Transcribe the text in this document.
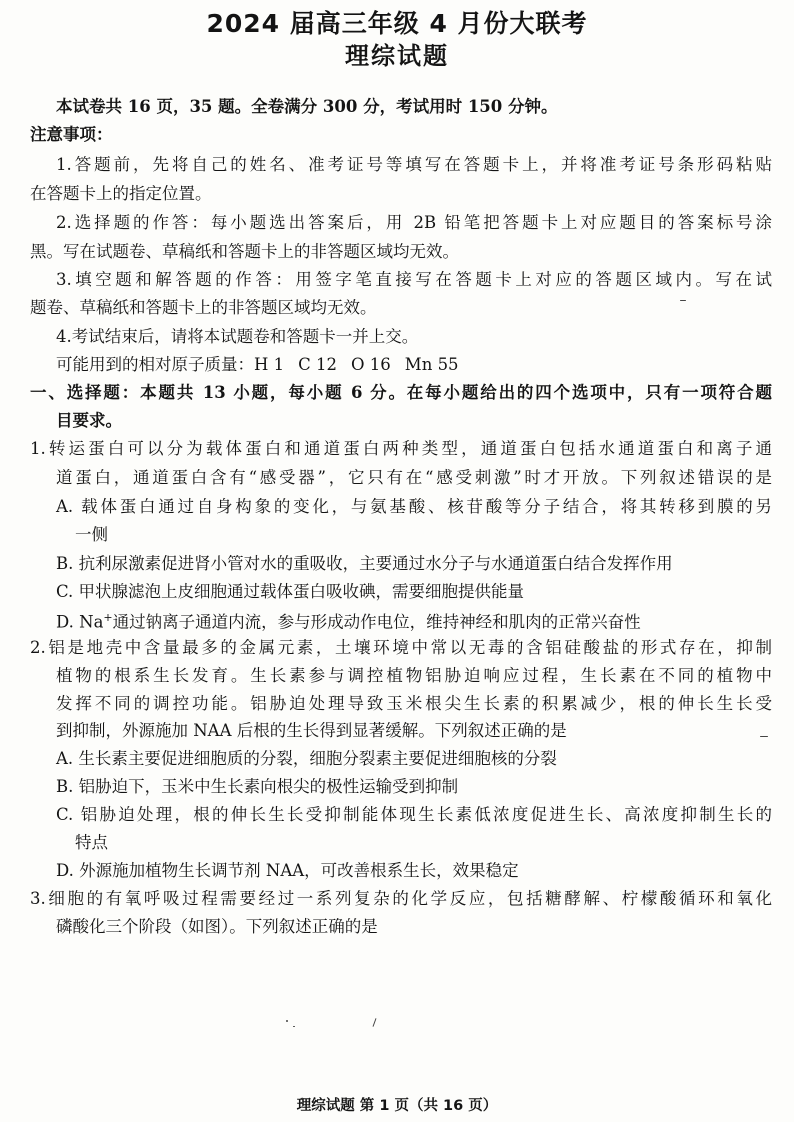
2024 届高三年级 4 月份大联考
理综试题
本试卷共 16 页，35 题。全卷满分 300 分，考试用时 150 分钟。
注意事项：
1.答题前，先将自己的姓名、准考证号等填写在答题卡上，并将准考证号条形码粘贴
在答题卡上的指定位置。
2.选择题的作答：每小题选出答案后，用 2B 铅笔把答题卡上对应题目的答案标号涂
黑。写在试题卷、草稿纸和答题卡上的非答题区域均无效。
3.填空题和解答题的作答：用签字笔直接写在答题卡上对应的答题区域内。写在试
题卷、草稿纸和答题卡上的非答题区域均无效。
4.考试结束后，请将本试题卷和答题卡一并上交。
可能用到的相对原子质量：H 1 C 12 O 16 Mn 55
一、选择题：本题共 13 小题，每小题 6 分。在每小题给出的四个选项中，只有一项符合题
目要求。
1.转运蛋白可以分为载体蛋白和通道蛋白两种类型，通道蛋白包括水通道蛋白和离子通
道蛋白，通道蛋白含有“感受器”，它只有在“感受刺激”时才开放。下列叙述错误的是
A. 载体蛋白通过自身构象的变化，与氨基酸、核苷酸等分子结合，将其转移到膜的另
一侧
B. 抗利尿激素促进肾小管对水的重吸收，主要通过水分子与水通道蛋白结合发挥作用
C. 甲状腺滤泡上皮细胞通过载体蛋白吸收碘，需要细胞提供能量
D. Na+通过钠离子通道内流，参与形成动作电位，维持神经和肌肉的正常兴奋性
2.铝是地壳中含量最多的金属元素，土壤环境中常以无毒的含铝硅酸盐的形式存在，抑制
植物的根系生长发育。生长素参与调控植物铝胁迫响应过程，生长素在不同的植物中
发挥不同的调控功能。铝胁迫处理导致玉米根尖生长素的积累减少，根的伸长生长受
到抑制，外源施加 NAA 后根的生长得到显著缓解。下列叙述正确的是
A. 生长素主要促进细胞质的分裂，细胞分裂素主要促进细胞核的分裂
B. 铝胁迫下，玉米中生长素向根尖的极性运输受到抑制
C. 铝胁迫处理，根的伸长生长受抑制能体现生长素低浓度促进生长、高浓度抑制生长的
特点
D. 外源施加植物生长调节剂 NAA，可改善根系生长，效果稳定
3.细胞的有氧呼吸过程需要经过一系列复杂的化学反应，包括糖酵解、柠檬酸循环和氧化
磷酸化三个阶段（如图）。下列叙述正确的是
理综试题 第 1 页（共 16 页）
